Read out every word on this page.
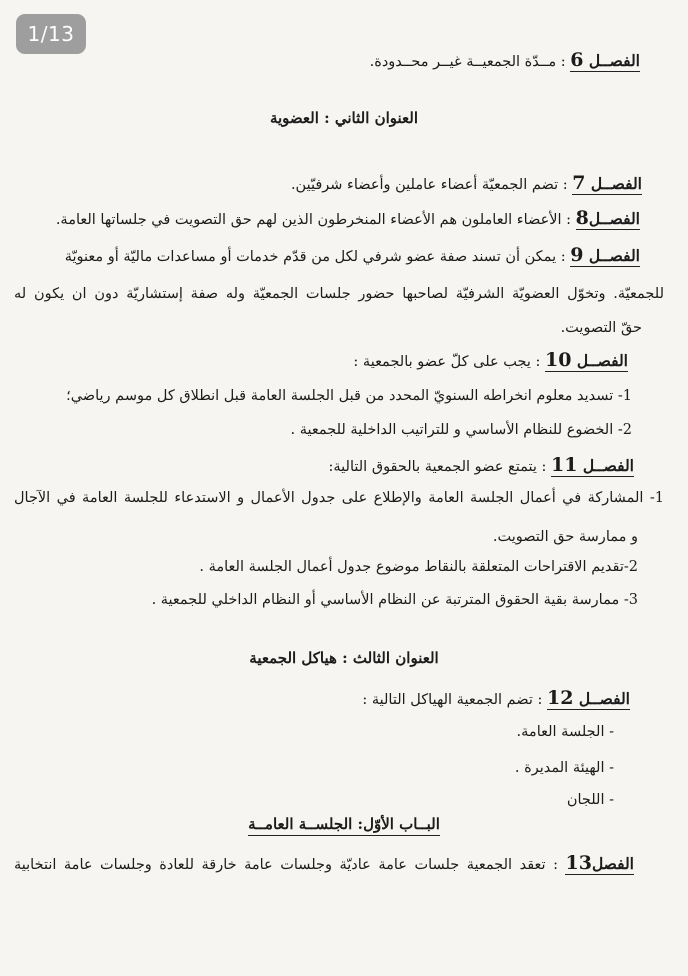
1/13
الفصــل 6 : مــدّة الجمعيــة غيــر محــدودة.
العنوان الثاني : العضوية
الفصــل 7 : تضم الجمعيّة أعضاء عاملين وأعضاء شرفيّين.
الفصــل8 : الأعضاء العاملون هم الأعضاء المنخرطون الذين لهم حق التصويت في جلساتها العامة.
الفصــل 9 : يمكن أن تسند صفة عضو شرفي لكل من قدّم خدمات أو مساعدات ماليّة أو معنويّة
للجمعيّة. وتخوّل العضويّة الشرفيّة لصاحبها حضور جلسات الجمعيّة وله صفة إستشاريّة دون ان يكون له
حقّ التصويت.
الفصــل 10 : يجب على كلّ عضو بالجمعية :
1- تسديد معلوم انخراطه السنويّ المحدد من قبل الجلسة العامة قبل انطلاق كل موسم رياضي؛
2- الخضوع للنظام الأساسي و للتراتيب الداخلية للجمعية .
الفصــل 11 : يتمتع عضو الجمعية بالحقوق التالية:
1- المشاركة في أعمال الجلسة العامة والإطلاع على جدول الأعمال و الاستدعاء للجلسة العامة في الآجال
و ممارسة حق التصويت.
2-تقديم الاقتراحات المتعلقة بالنقاط موضوع جدول أعمال الجلسة العامة .
3- ممارسة بقية الحقوق المترتبة عن النظام الأساسي أو النظام الداخلي للجمعية .
العنوان الثالث : هياكل الجمعية
الفصــل 12 : تضم الجمعية الهياكل التالية :
- الجلسة العامة.
- الهيئة المديرة .
- اللجان
البــاب الأوّل: الجلســة العامــة
الفصل13 : تعقد الجمعية جلسات عامة عاديّة وجلسات عامة خارقة للعادة وجلسات عامة انتخابية
